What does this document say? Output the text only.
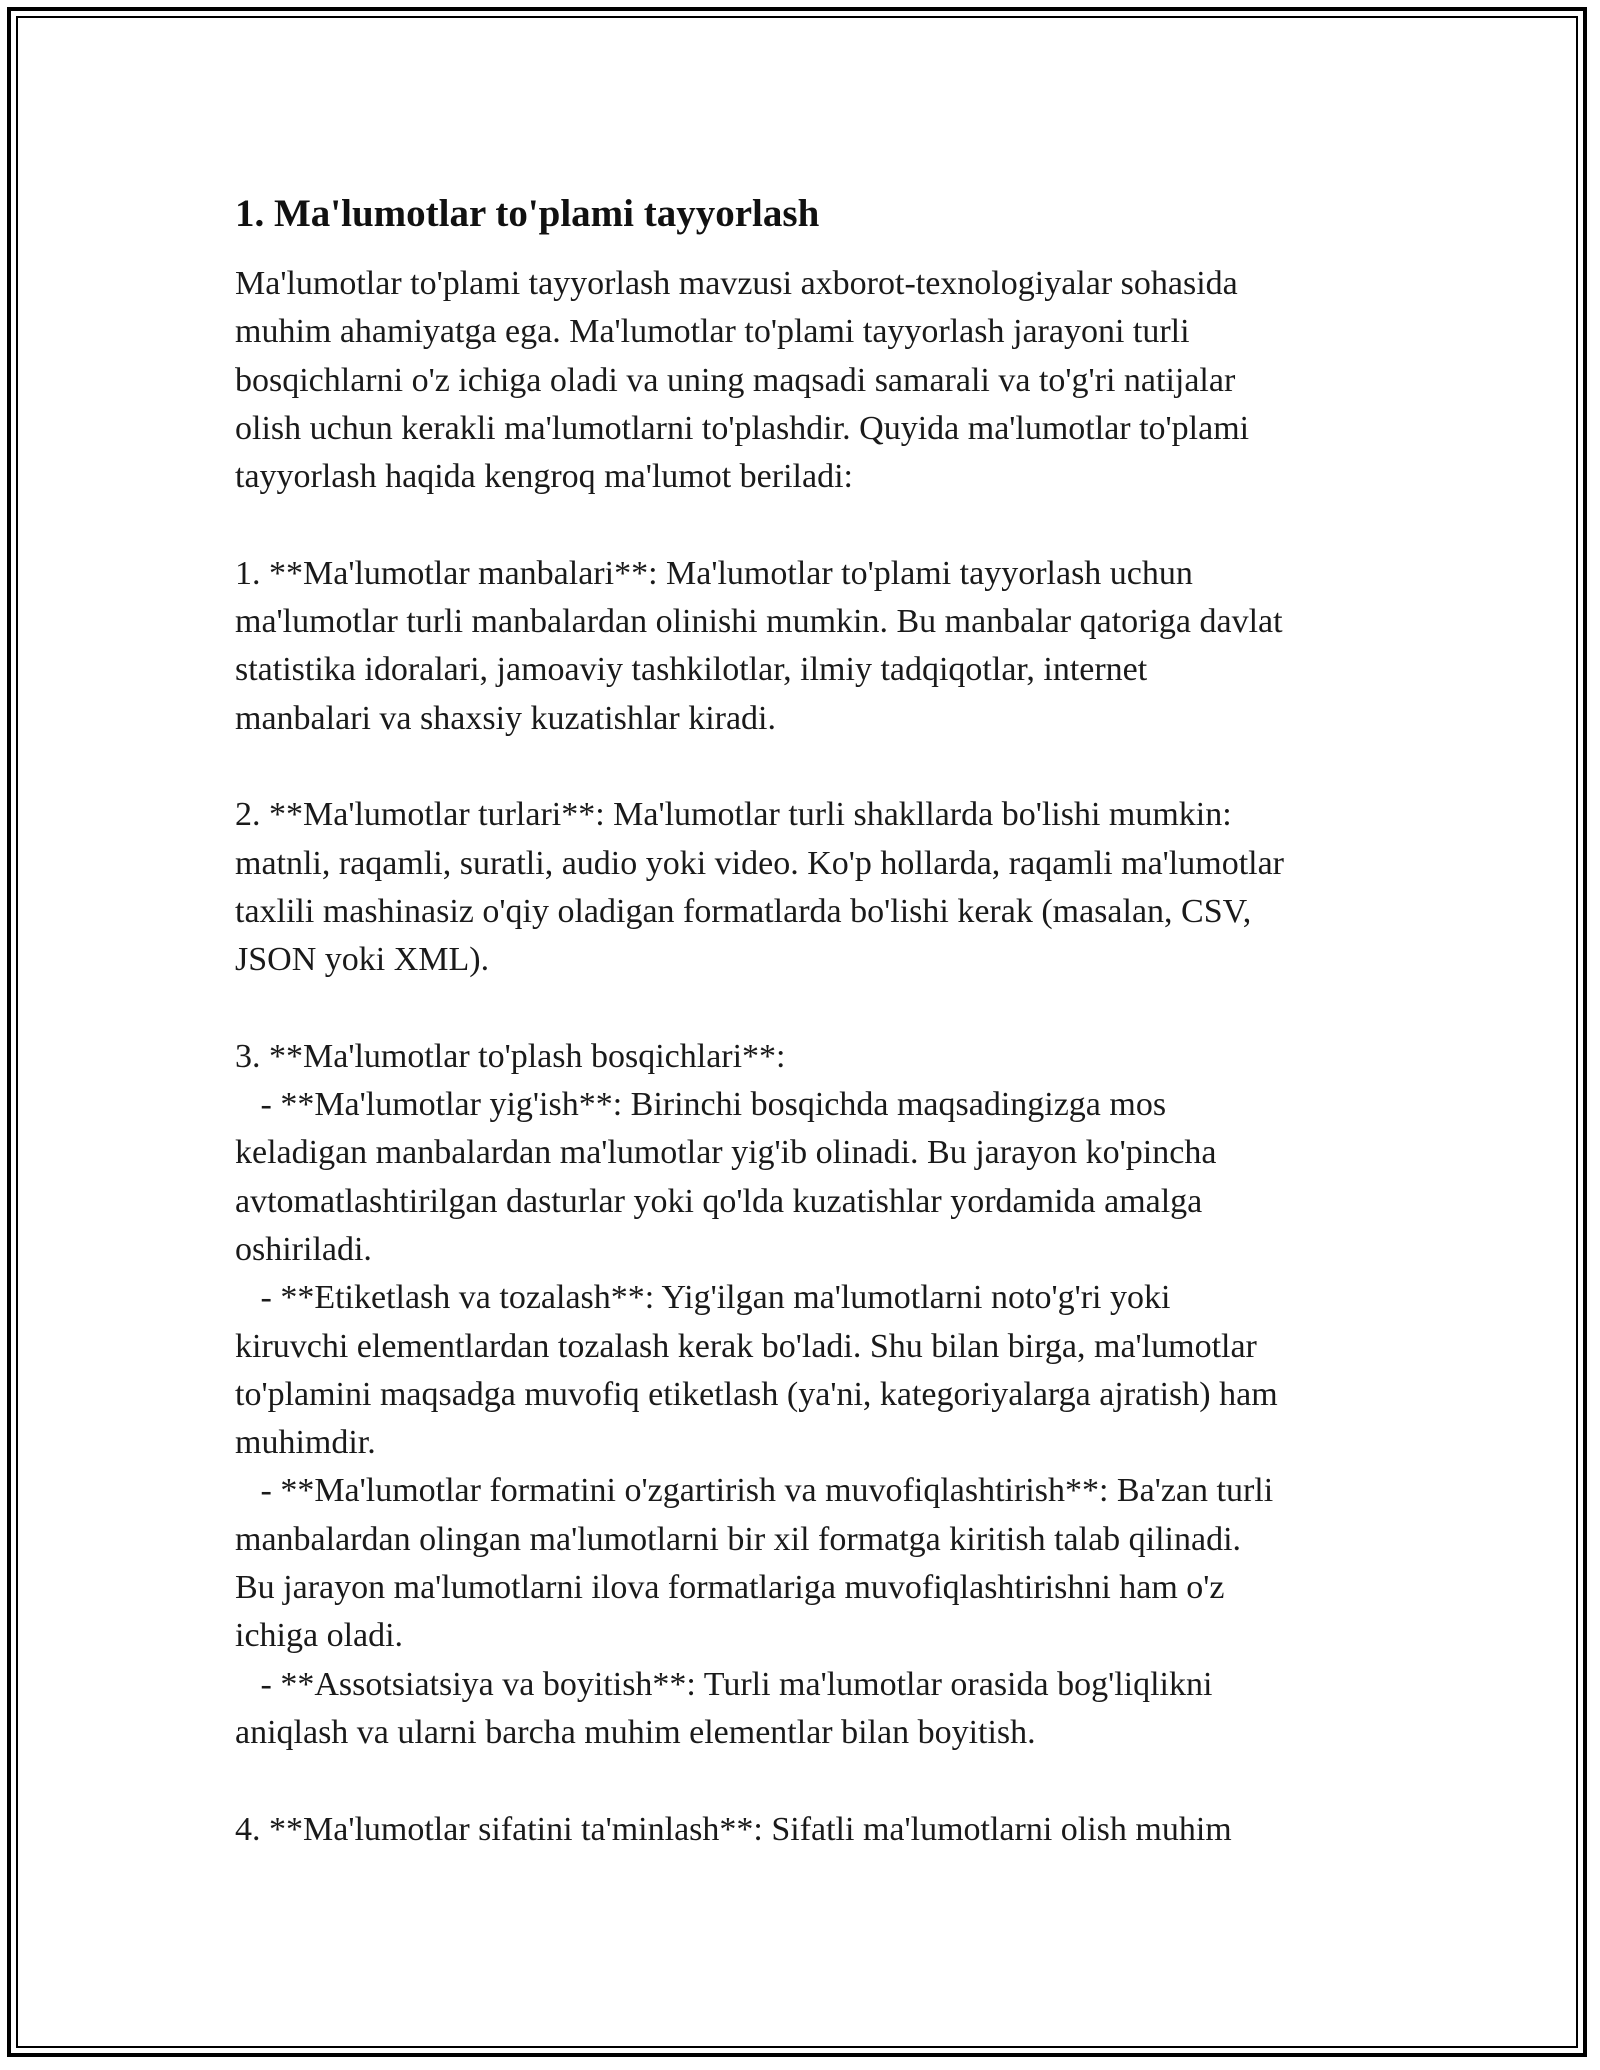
1. Ma'lumotlar to'plami tayyorlash
Ma'lumotlar to'plami tayyorlash mavzusi axborot-texnologiyalar sohasida
muhim ahamiyatga ega. Ma'lumotlar to'plami tayyorlash jarayoni turli
bosqichlarni o'z ichiga oladi va uning maqsadi samarali va to'g'ri natijalar
olish uchun kerakli ma'lumotlarni to'plashdir. Quyida ma'lumotlar to'plami
tayyorlash haqida kengroq ma'lumot beriladi:
1. **Ma'lumotlar manbalari**: Ma'lumotlar to'plami tayyorlash uchun
ma'lumotlar turli manbalardan olinishi mumkin. Bu manbalar qatoriga davlat
statistika idoralari, jamoaviy tashkilotlar, ilmiy tadqiqotlar, internet
manbalari va shaxsiy kuzatishlar kiradi.
2. **Ma'lumotlar turlari**: Ma'lumotlar turli shakllarda bo'lishi mumkin:
matnli, raqamli, suratli, audio yoki video. Ko'p hollarda, raqamli ma'lumotlar
taxlili mashinasiz o'qiy oladigan formatlarda bo'lishi kerak (masalan, CSV,
JSON yoki XML).
3. **Ma'lumotlar to'plash bosqichlari**:
- **Ma'lumotlar yig'ish**: Birinchi bosqichda maqsadingizga mos
keladigan manbalardan ma'lumotlar yig'ib olinadi. Bu jarayon ko'pincha
avtomatlashtirilgan dasturlar yoki qo'lda kuzatishlar yordamida amalga
oshiriladi.
- **Etiketlash va tozalash**: Yig'ilgan ma'lumotlarni noto'g'ri yoki
kiruvchi elementlardan tozalash kerak bo'ladi. Shu bilan birga, ma'lumotlar
to'plamini maqsadga muvofiq etiketlash (ya'ni, kategoriyalarga ajratish) ham
muhimdir.
- **Ma'lumotlar formatini o'zgartirish va muvofiqlashtirish**: Ba'zan turli
manbalardan olingan ma'lumotlarni bir xil formatga kiritish talab qilinadi.
Bu jarayon ma'lumotlarni ilova formatlariga muvofiqlashtirishni ham o'z
ichiga oladi.
- **Assotsiatsiya va boyitish**: Turli ma'lumotlar orasida bog'liqlikni
aniqlash va ularni barcha muhim elementlar bilan boyitish.
4. **Ma'lumotlar sifatini ta'minlash**: Sifatli ma'lumotlarni olish muhim
